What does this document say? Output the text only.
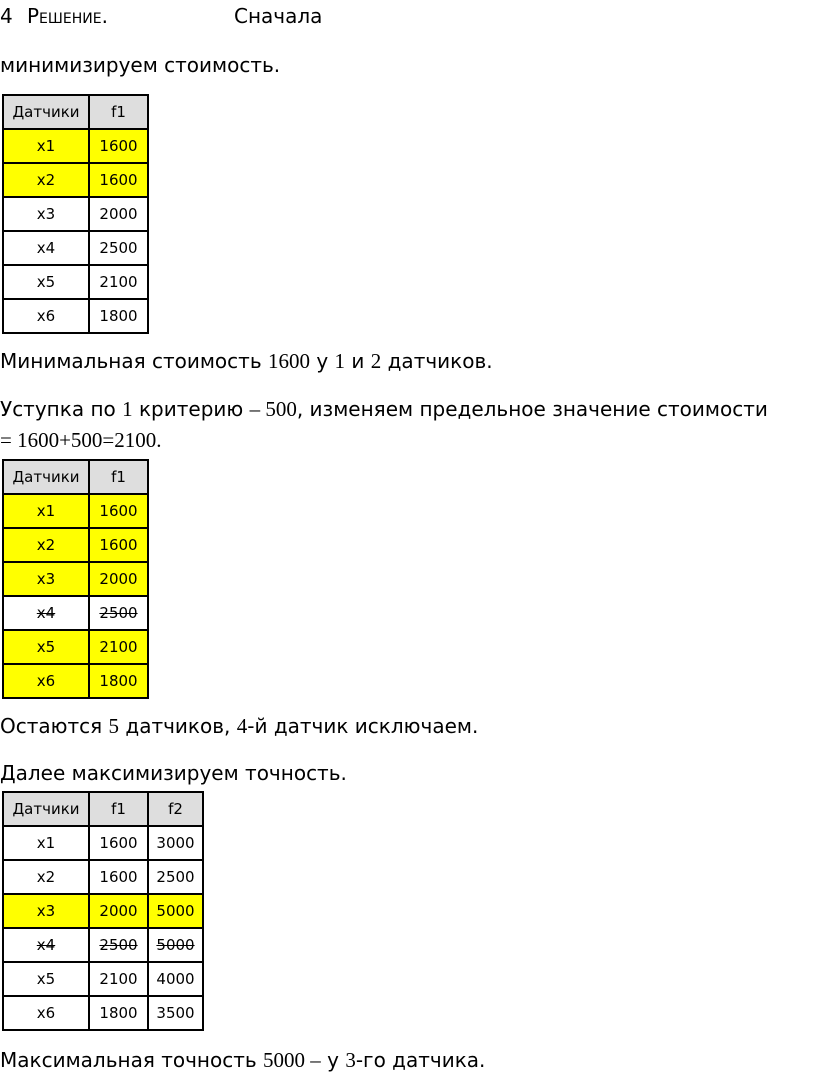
4 Решение.	Сначала
минимизируем стоимость.
Датчики	f1
x1	1600
x2	1600
x3	2000
x4	2500
x5	2100
x6	1800
Минимальная стоимость 1600 у 1 и 2 датчиков.
Уступка по 1 критерию – 500, изменяем предельное значение стоимости
= 1600+500=2100.
Датчики	f1
x1	1600
x2	1600
x3	2000
x4	2500
x5	2100
x6	1800
Остаются 5 датчиков, 4-й датчик исключаем.
Далее максимизируем точность.
Датчики	f1	f2
x1	1600	3000
x2	1600	2500
x3	2000	5000
x4	2500	5000
x5	2100	4000
x6	1800	3500
Максимальная точность 5000 – у 3-го датчика.
